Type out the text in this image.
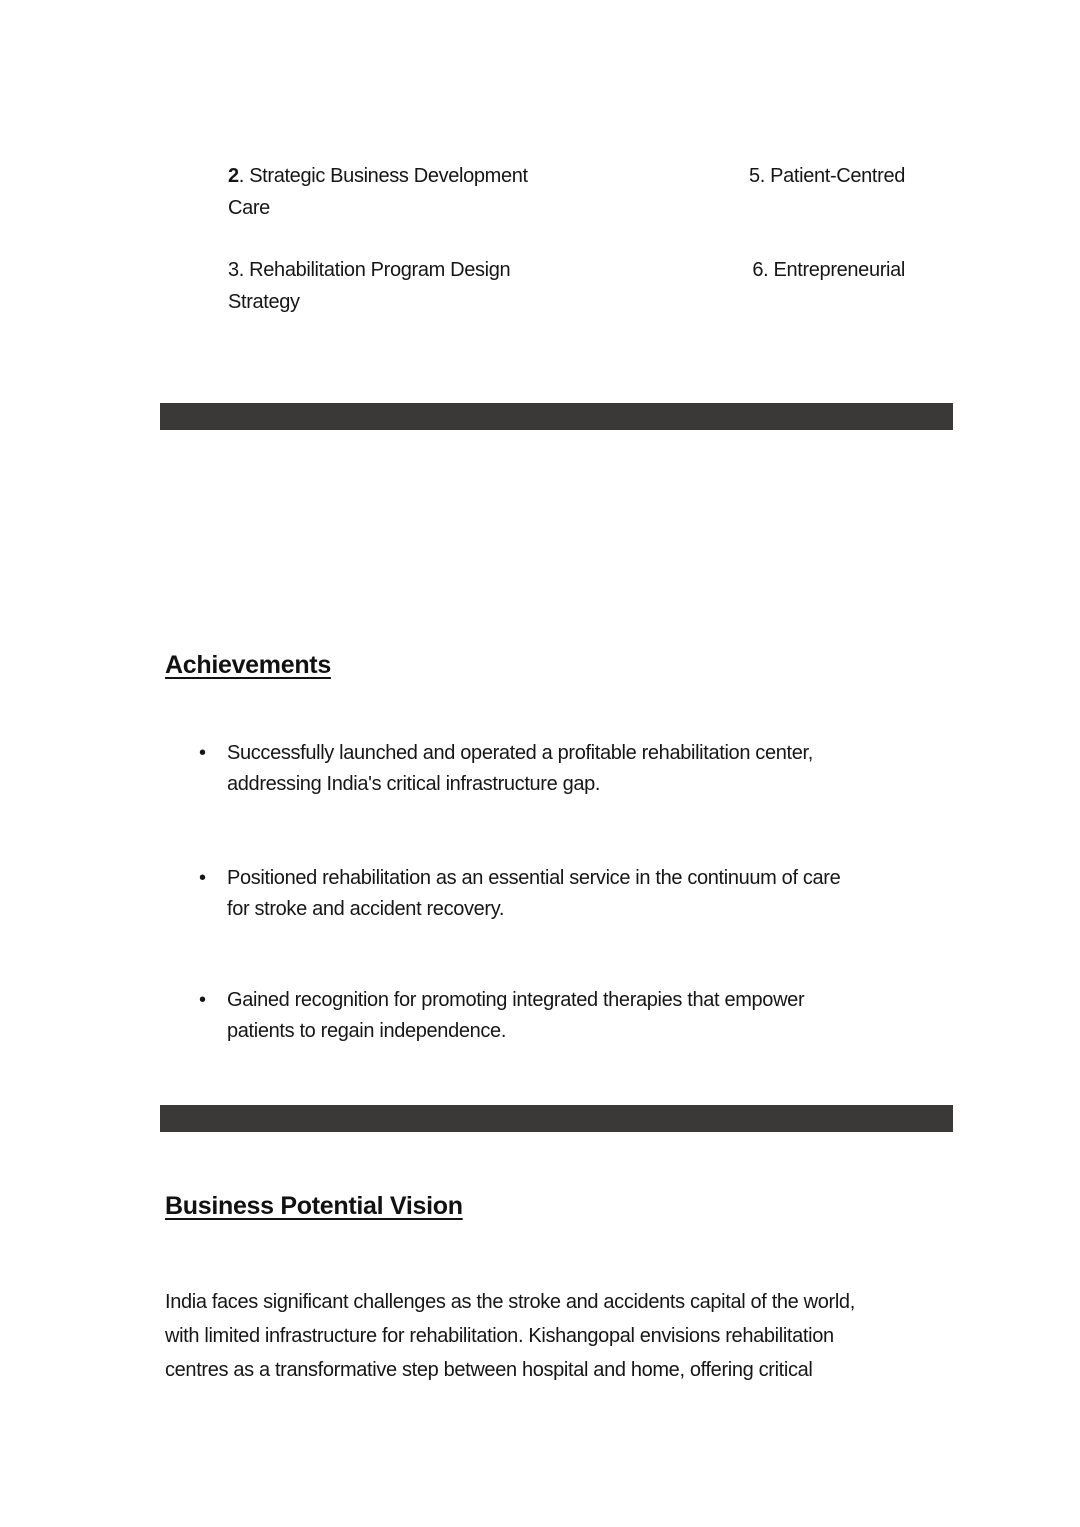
2. Strategic Business Development	5. Patient-Centred
Care
3. Rehabilitation Program Design	6. Entrepreneurial
Strategy
Achievements
•	Successfully launched and operated a profitable rehabilitation center,
addressing India's critical infrastructure gap.
•	Positioned rehabilitation as an essential service in the continuum of care
for stroke and accident recovery.
•	Gained recognition for promoting integrated therapies that empower
patients to regain independence.
Business Potential Vision
India faces significant challenges as the stroke and accidents capital of the world,
with limited infrastructure for rehabilitation. Kishangopal envisions rehabilitation
centres as a transformative step between hospital and home, offering critical
